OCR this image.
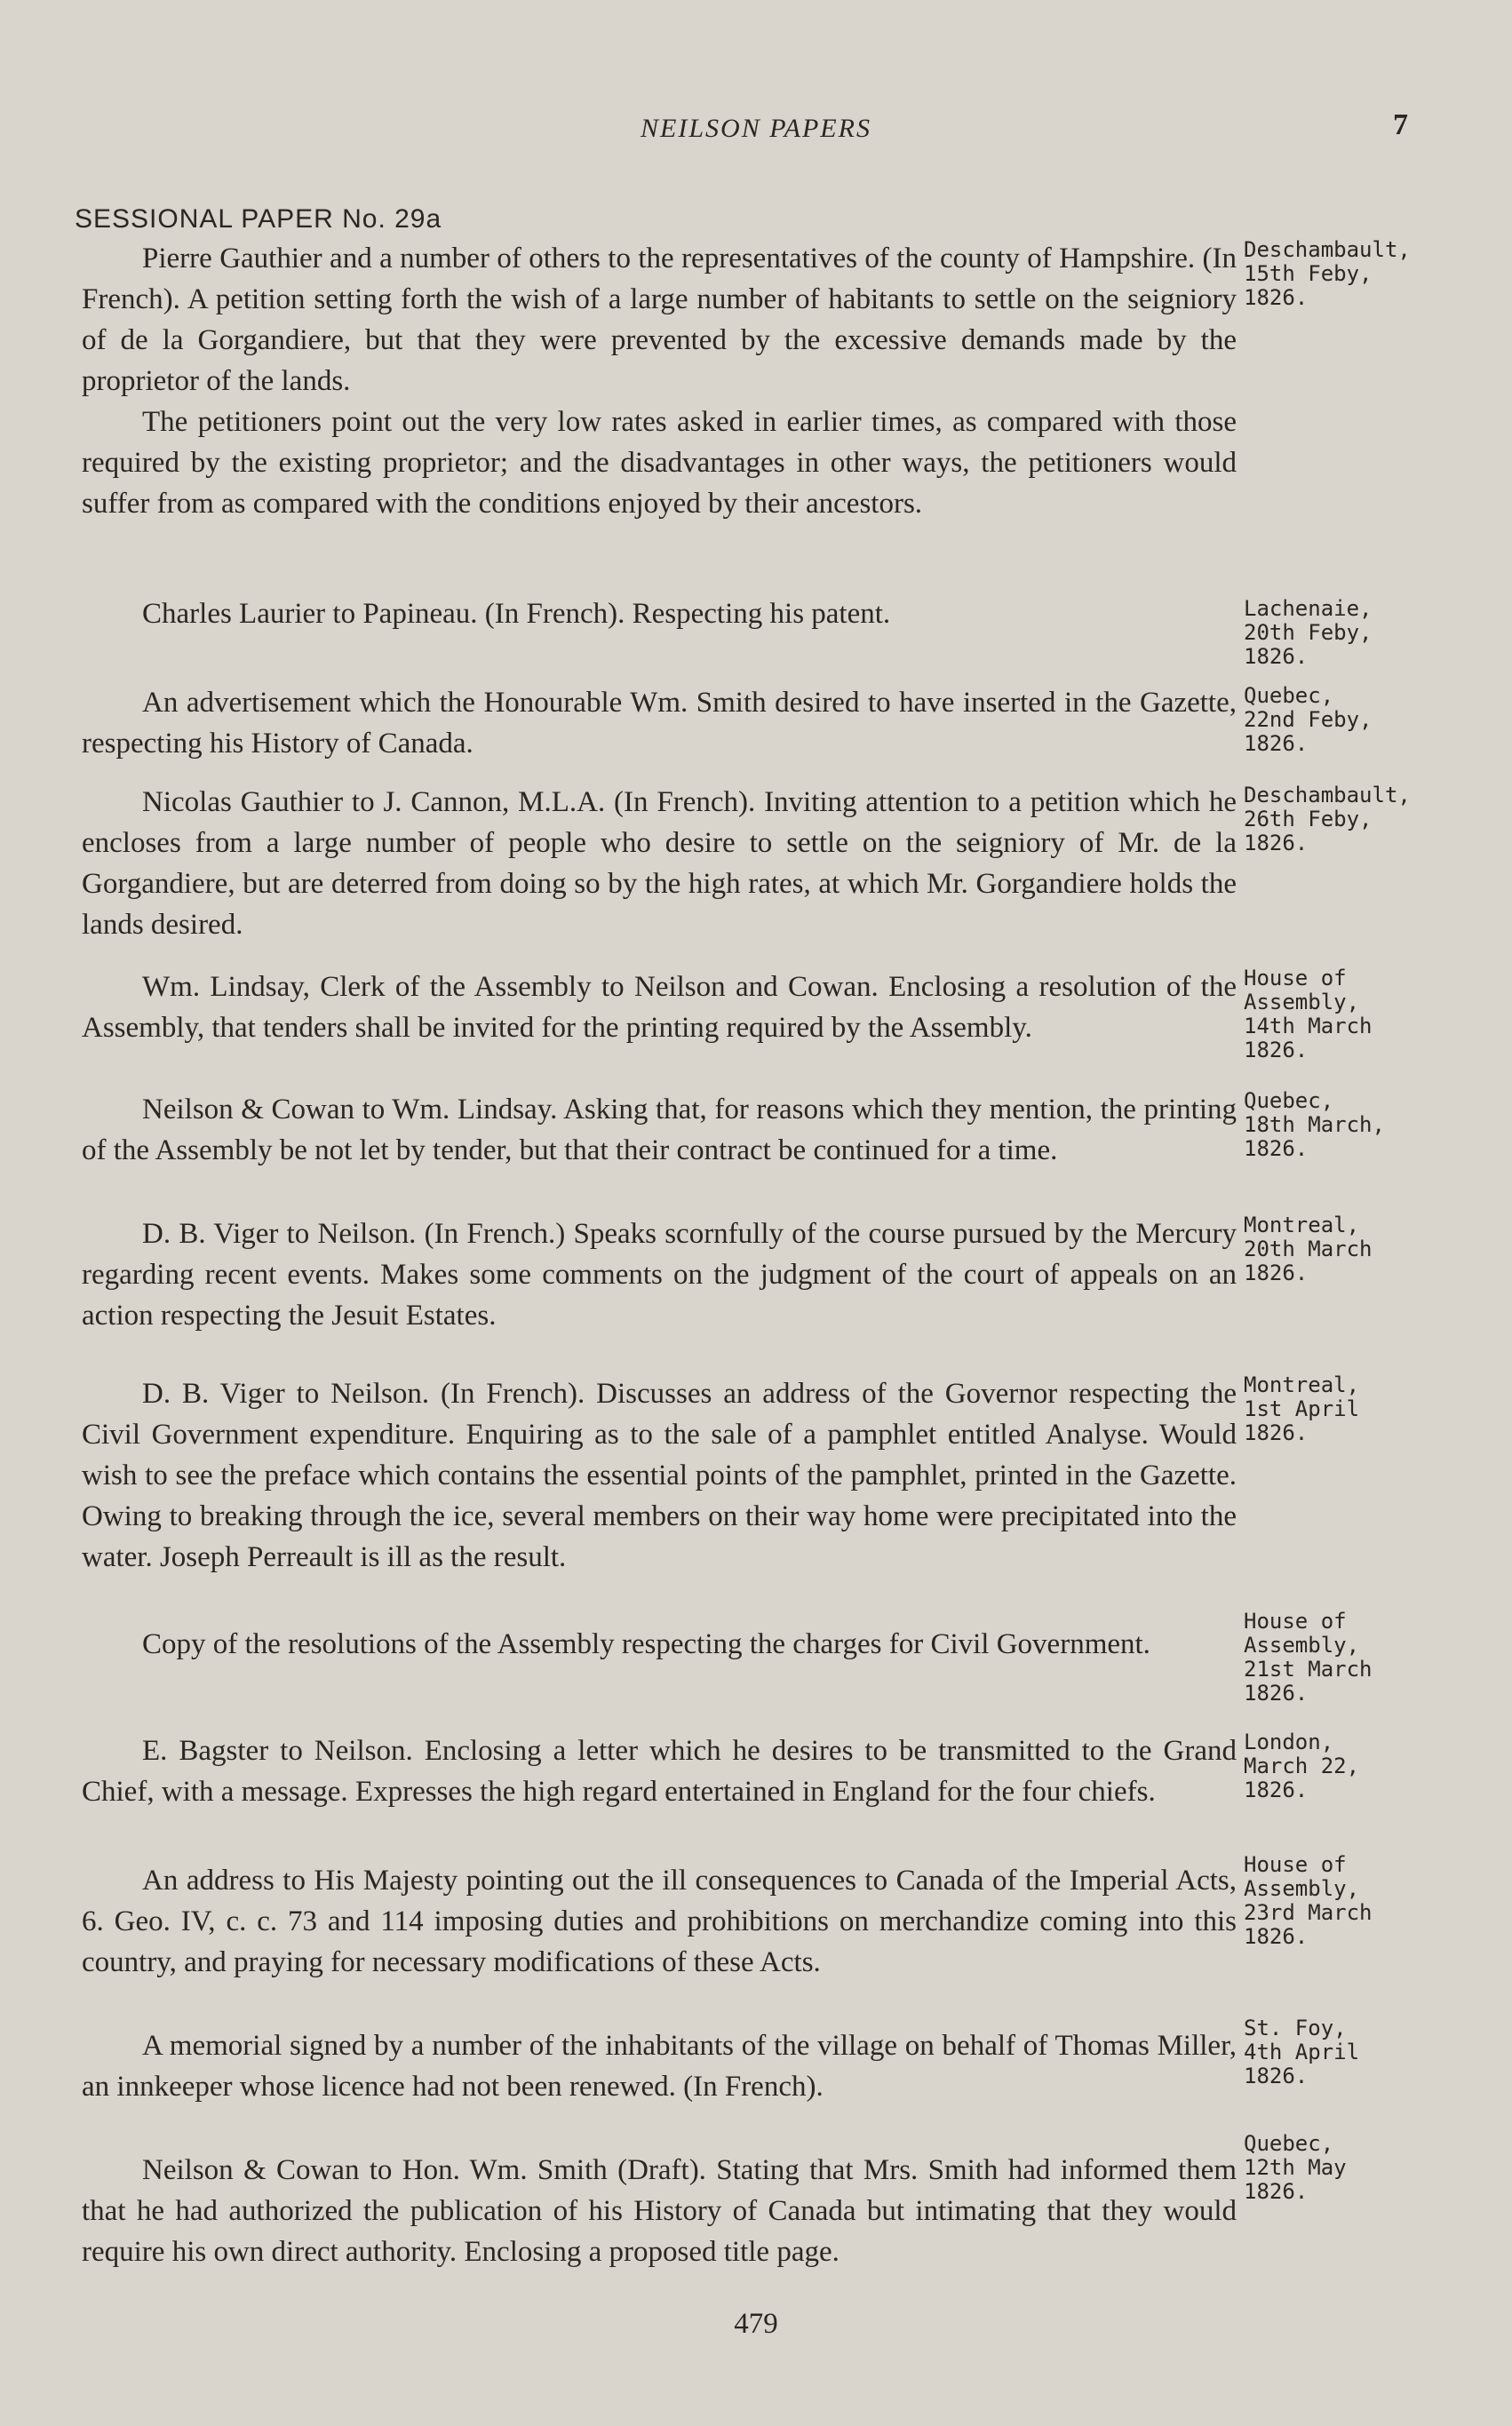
NEILSON PAPERS	7
SESSIONAL PAPER No. 29a

Pierre Gauthier and a number of others to the representatives of the county of Hampshire. (In French). A petition setting forth the wish of a large number of habitants to settle on the seigniory of de la Gorgandiere, but that they were prevented by the excessive demands made by the proprietor of the lands.

The petitioners point out the very low rates asked in earlier times, as compared with those required by the existing proprietor; and the disadvantages in other ways, the petitioners would suffer from as compared with the conditions enjoyed by their ancestors.

Deschambault,
15th Feby,
1826.

Charles Laurier to Papineau. (In French). Respecting his patent.	Lachenaie,
20th Feby,
1826.

An advertisement which the Honourable Wm. Smith desired to have inserted in the Gazette, respecting his History of Canada.

Quebec,
22nd Feby,
1826.

Nicolas Gauthier to J. Cannon, M.L.A. (In French). Inviting attention to a petition which he encloses from a large number of people who desire to settle on the seigniory of Mr. de la Gorgandiere, but are deterred from doing so by the high rates, at which Mr. Gorgandiere holds the lands desired.

Deschambault,
26th Feby,
1826.

Wm. Lindsay, Clerk of the Assembly to Neilson and Cowan. Enclosing a resolution of the Assembly, that tenders shall be invited for the printing required by the Assembly.

House of
Assembly,
14th March
1826.

Neilson & Cowan to Wm. Lindsay. Asking that, for reasons which they mention, the printing of the Assembly be not let by tender, but that their contract be continued for a time.

Quebec,
18th March,
1826.

D. B. Viger to Neilson. (In French.) Speaks scornfully of the course pursued by the Mercury regarding recent events. Makes some comments on the judgment of the court of appeals on an action respecting the Jesuit Estates.

Montreal,
20th March
1826.

D. B. Viger to Neilson. (In French). Discusses an address of the Governor respecting the Civil Government expenditure. Enquiring as to the sale of a pamphlet entitled Analyse. Would wish to see the preface which contains the essential points of the pamphlet, printed in the Gazette. Owing to breaking through the ice, several members on their way home were precipitated into the water. Joseph Perreault is ill as the result.

Montreal,
1st April
1826.

Copy of the resolutions of the Assembly respecting the charges for Civil Government.

House of
Assembly,
21st March
1826.

E. Bagster to Neilson. Enclosing a letter which he desires to be transmitted to the Grand Chief, with a message. Expresses the high regard entertained in England for the four chiefs.

London,
March 22,
1826.

An address to His Majesty pointing out the ill consequences to Canada of the Imperial Acts, 6. Geo. IV, c. c. 73 and 114 imposing duties and prohibitions on merchandize coming into this country, and praying for necessary modifications of these Acts.

House of
Assembly,
23rd March
1826.

A memorial signed by a number of the inhabitants of the village on behalf of Thomas Miller, an innkeeper whose licence had not been renewed. (In French).

St. Foy,
4th April
1826.

Neilson & Cowan to Hon. Wm. Smith (Draft). Stating that Mrs. Smith had informed them that he had authorized the publication of his History of Canada but intimating that they would require his own direct authority. Enclosing a proposed title page.

Quebec,
12th May
1826.
479
